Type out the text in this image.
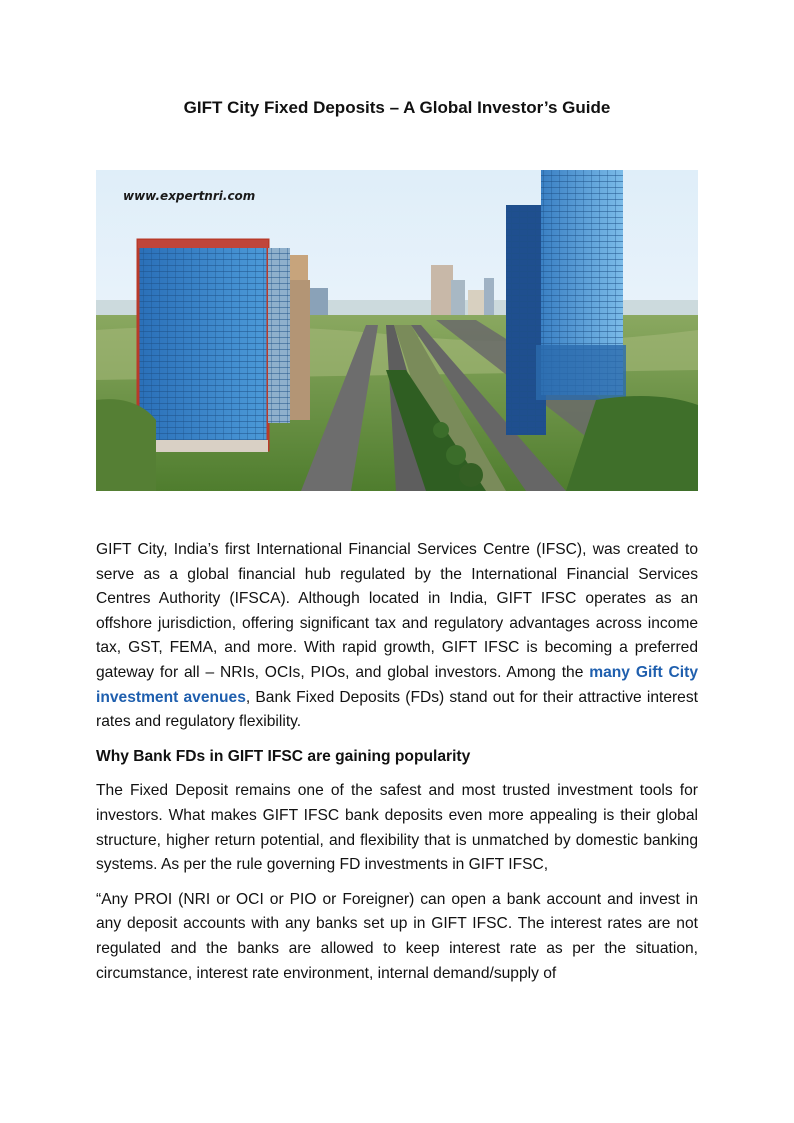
GIFT City Fixed Deposits – A Global Investor’s Guide
www.expertnri.com

GIFT City, India’s first International Financial Services Centre (IFSC), was created to serve as a global financial hub regulated by the International Financial Services Centres Authority (IFSCA). Although located in India, GIFT IFSC operates as an offshore jurisdiction, offering significant tax and regulatory advantages across income tax, GST, FEMA, and more. With rapid growth, GIFT IFSC is becoming a preferred gateway for all – NRIs, OCIs, PIOs, and global investors. Among the many Gift City investment avenues, Bank Fixed Deposits (FDs) stand out for their attractive interest rates and regulatory flexibility.

Why Bank FDs in GIFT IFSC are gaining popularity

The Fixed Deposit remains one of the safest and most trusted investment tools for investors. What makes GIFT IFSC bank deposits even more appealing is their global structure, higher return potential, and flexibility that is unmatched by domestic banking systems. As per the rule governing FD investments in GIFT IFSC,

“Any PROI (NRI or OCI or PIO or Foreigner) can open a bank account and invest in any deposit accounts with any banks set up in GIFT IFSC. The interest rates are not regulated and the banks are allowed to keep interest rate as per the situation, circumstance, interest rate environment, internal demand/supply of
